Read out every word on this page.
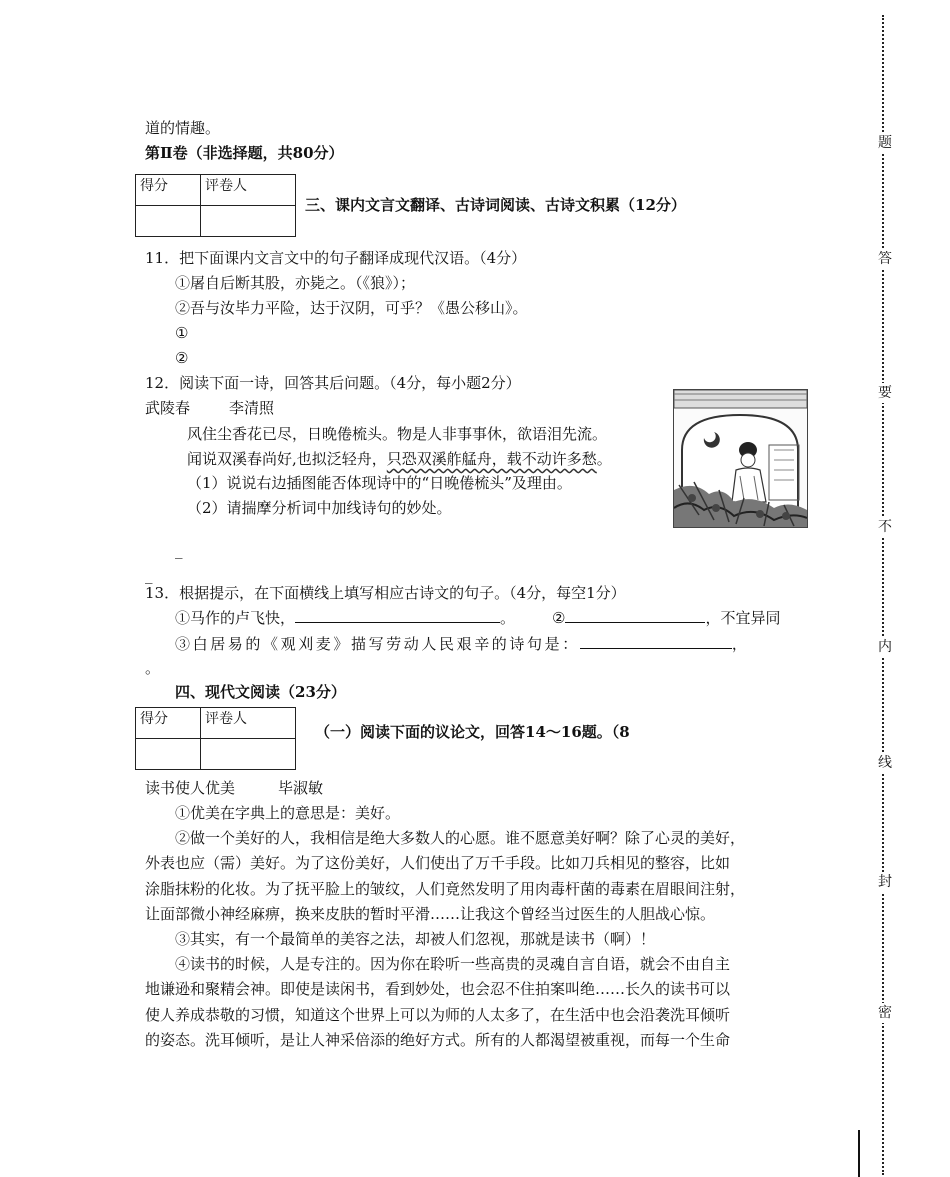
道的情趣。
第Ⅱ卷（非选择题，共80分）
得分	评卷人

三、课内文言文翻译、古诗词阅读、古诗文积累（12分）
11．把下面课内文言文中的句子翻译成现代汉语。（4分）
①屠自后断其股，亦毙之。（《狼》）；
②吾与汝毕力平险，达于汉阴，可乎？《愚公移山》。
①
②
12．阅读下面一诗，回答其后问题。（4分，每小题2分）
武陵春	李清照
风住尘香花已尽，日晚倦梳头。物是人非事事休，欲语泪先流。
闻说双溪春尚好,也拟泛轻舟，只恐双溪舴艋舟，载不动许多愁。
（1）说说右边插图能否体现诗中的“日晚倦梳头”及理由。
（2）请揣摩分析词中加线诗句的妙处。
_
_
13．根据提示，在下面横线上填写相应古诗文的句子。（4分，每空1分）
①马作的卢飞快，	。 ②	，不宜异同
③白居易的《观刈麦》描写劳动人民艰辛的诗句是：	，
。
四、现代文阅读（23分）
得分	评卷人

（一）阅读下面的议论文，回答14～16题。（8
读书使人优美	毕淑敏
①优美在字典上的意思是：美好。
②做一个美好的人，我相信是绝大多数人的心愿。谁不愿意美好啊？除了心灵的美好，
外表也应（需）美好。为了这份美好，人们使出了万千手段。比如刀兵相见的整容，比如
涂脂抹粉的化妆。为了抚平脸上的皱纹，人们竟然发明了用肉毒杆菌的毒素在眉眼间注射，
让面部微小神经麻痹，换来皮肤的暂时平滑……让我这个曾经当过医生的人胆战心惊。
③其实，有一个最简单的美容之法，却被人们忽视，那就是读书（啊）！
④读书的时候，人是专注的。因为你在聆听一些高贵的灵魂自言自语，就会不由自主
地谦逊和聚精会神。即使是读闲书，看到妙处，也会忍不住拍案叫绝……长久的读书可以
使人养成恭敬的习惯，知道这个世界上可以为师的人太多了，在生活中也会沿袭洗耳倾听
的姿态。洗耳倾听，是让人神采倍添的绝好方式。所有的人都渴望被重视，而每一个生命
题
答
要
不
内
线
封
密
